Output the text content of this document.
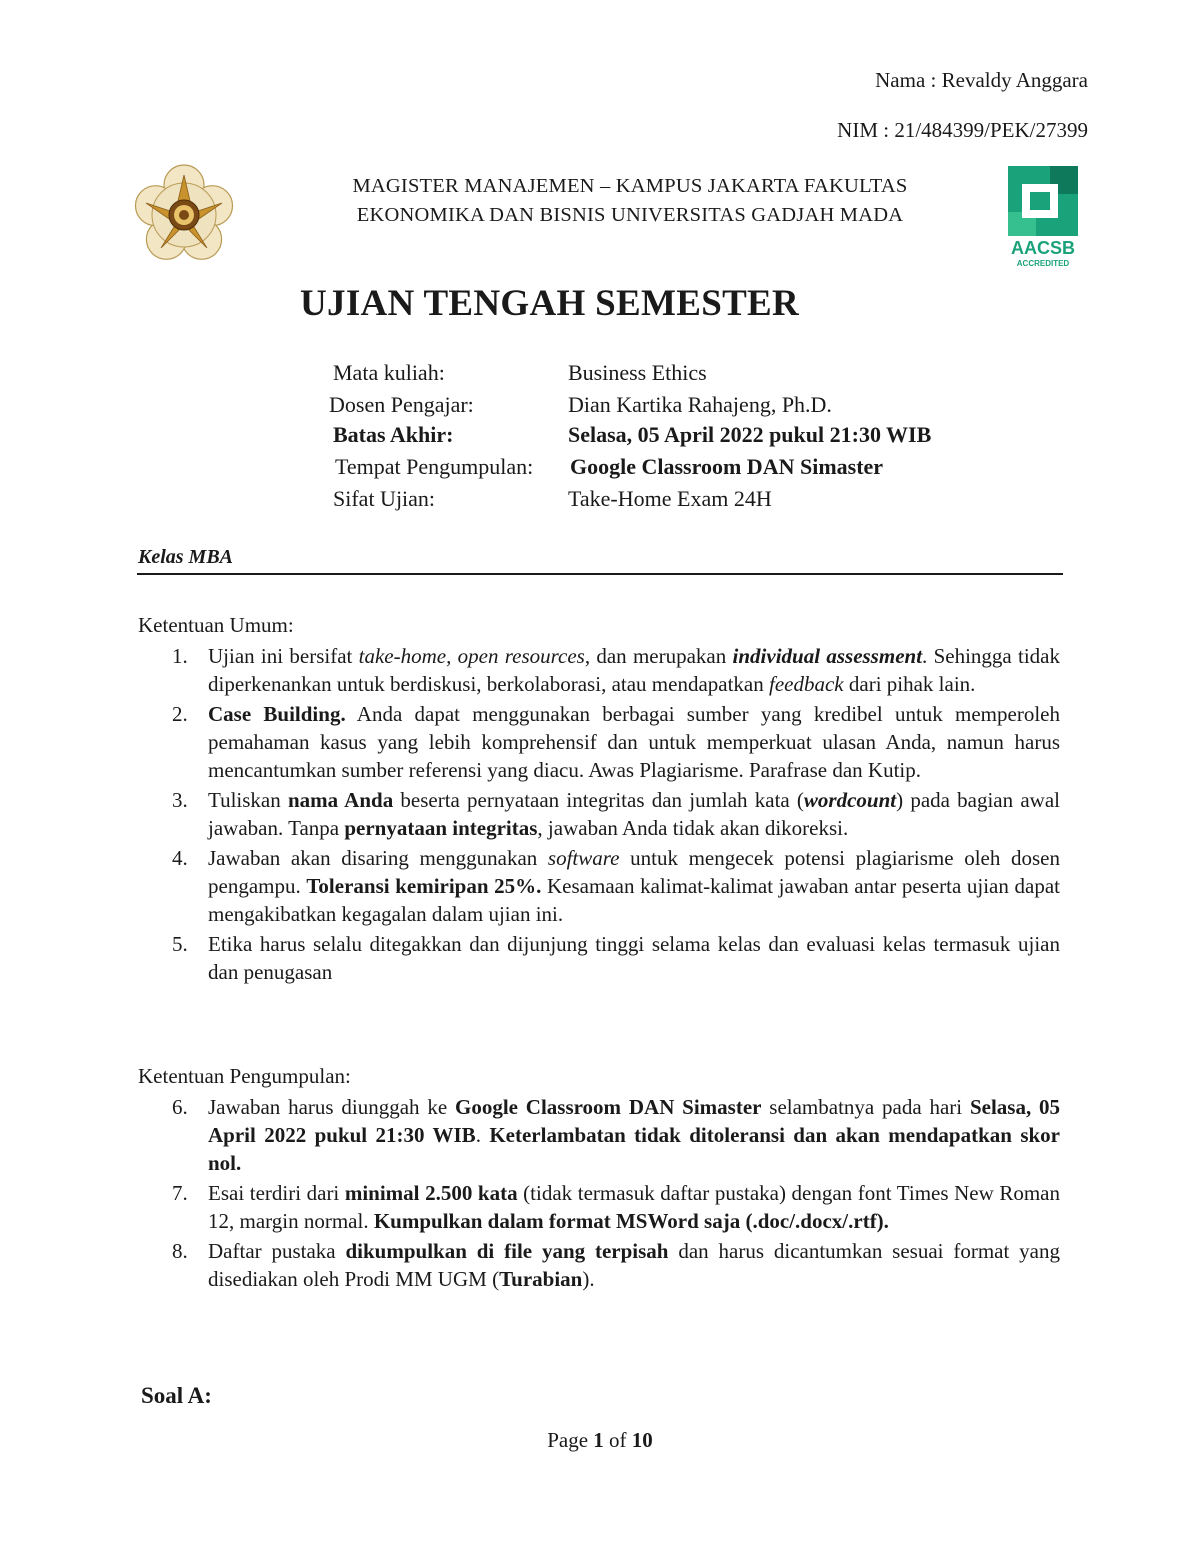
Nama : Revaldy Anggara
NIM : 21/484399/PEK/27399
AACSB
ACCREDITED
MAGISTER MANAJEMEN – KAMPUS JAKARTA FAKULTAS
EKONOMIKA DAN BISNIS UNIVERSITAS GADJAH MADA
UJIAN TENGAH SEMESTER
Mata kuliah:	Business Ethics
Dosen Pengajar:	Dian Kartika Rahajeng, Ph.D.
Batas Akhir:	Selasa, 05 April 2022 pukul 21:30 WIB
Tempat Pengumpulan: Google Classroom DAN Simaster
Sifat Ujian:	Take-Home Exam 24H
Kelas MBA
Ketentuan Umum:
1. Ujian ini bersifat take-home, open resources, dan merupakan individual assessment. Sehingga tidak diperkenankan untuk berdiskusi, berkolaborasi, atau mendapatkan feedback dari pihak lain.
2. Case Building. Anda dapat menggunakan berbagai sumber yang kredibel untuk memperoleh pemahaman kasus yang lebih komprehensif dan untuk memperkuat ulasan Anda, namun harus mencantumkan sumber referensi yang diacu. Awas Plagiarisme. Parafrase dan Kutip.
3. Tuliskan nama Anda beserta pernyataan integritas dan jumlah kata (wordcount) pada bagian awal jawaban. Tanpa pernyataan integritas, jawaban Anda tidak akan dikoreksi.
4. Jawaban akan disaring menggunakan software untuk mengecek potensi plagiarisme oleh dosen pengampu. Toleransi kemiripan 25%. Kesamaan kalimat-kalimat jawaban antar peserta ujian dapat mengakibatkan kegagalan dalam ujian ini.
5. Etika harus selalu ditegakkan dan dijunjung tinggi selama kelas dan evaluasi kelas termasuk ujian dan penugasan
Ketentuan Pengumpulan:
6. Jawaban harus diunggah ke Google Classroom DAN Simaster selambatnya pada hari Selasa, 05 April 2022 pukul 21:30 WIB. Keterlambatan tidak ditoleransi dan akan mendapatkan skor nol.
7. Esai terdiri dari minimal 2.500 kata (tidak termasuk daftar pustaka) dengan font Times New Roman 12, margin normal. Kumpulkan dalam format MSWord saja (.doc/.docx/.rtf).
8. Daftar pustaka dikumpulkan di file yang terpisah dan harus dicantumkan sesuai format yang disediakan oleh Prodi MM UGM (Turabian).
Soal A:
Page 1 of 10
